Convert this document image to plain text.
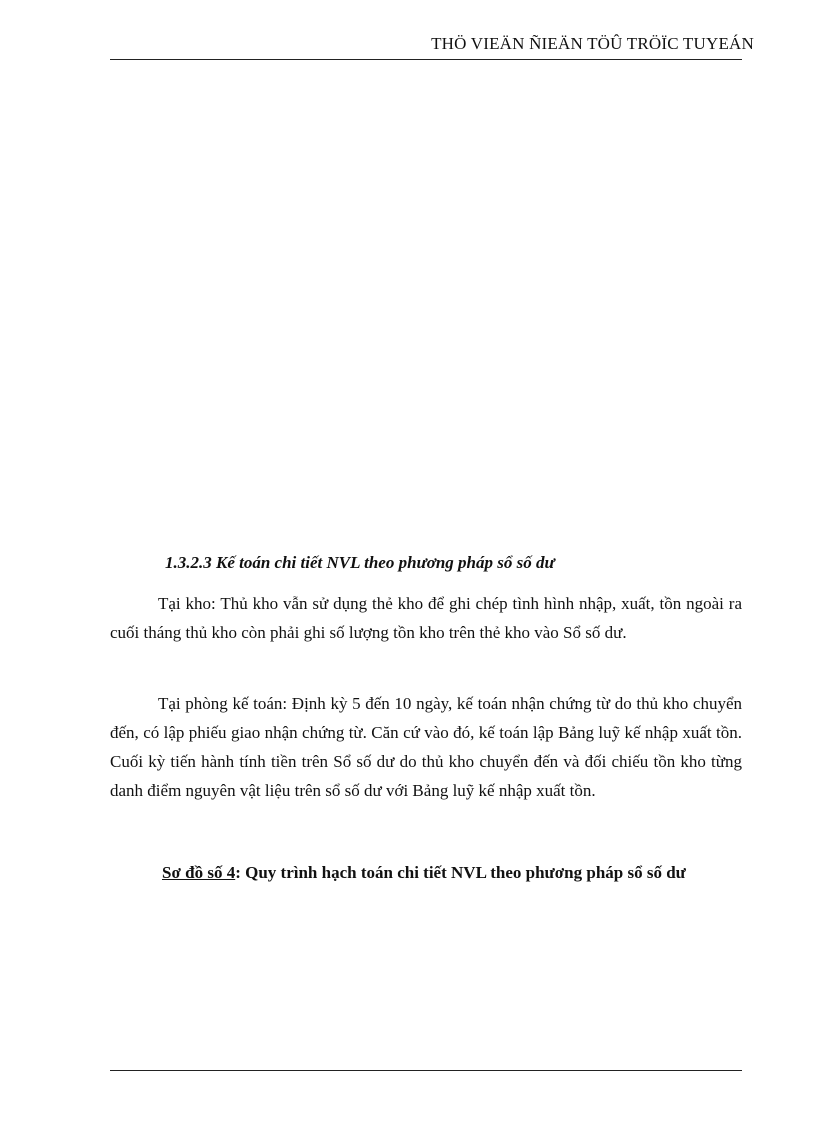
THÖ VIEÄN ÑIEÄN TÖÛ TRÖÏC TUYEÁN
1.3.2.3 Kế toán chi tiết NVL theo phương pháp sổ số dư

Tại kho: Thủ kho vẫn sử dụng thẻ kho để ghi chép tình hình nhập, xuất, tồn ngoài ra cuối tháng thủ kho còn phải ghi số lượng tồn kho trên thẻ kho vào Sổ số dư.

Tại phòng kế toán: Định kỳ 5 đến 10 ngày, kế toán nhận chứng từ do thủ kho chuyển đến, có lập phiếu giao nhận chứng từ. Căn cứ vào đó, kế toán lập Bảng luỹ kế nhập xuất tồn. Cuối kỳ tiến hành tính tiền trên Sổ số dư do thủ kho chuyển đến và đối chiếu tồn kho từng danh điểm nguyên vật liệu trên sổ số dư với Bảng luỹ kế nhập xuất tồn.

Sơ đồ số 4: Quy trình hạch toán chi tiết NVL theo phương pháp sổ số dư
